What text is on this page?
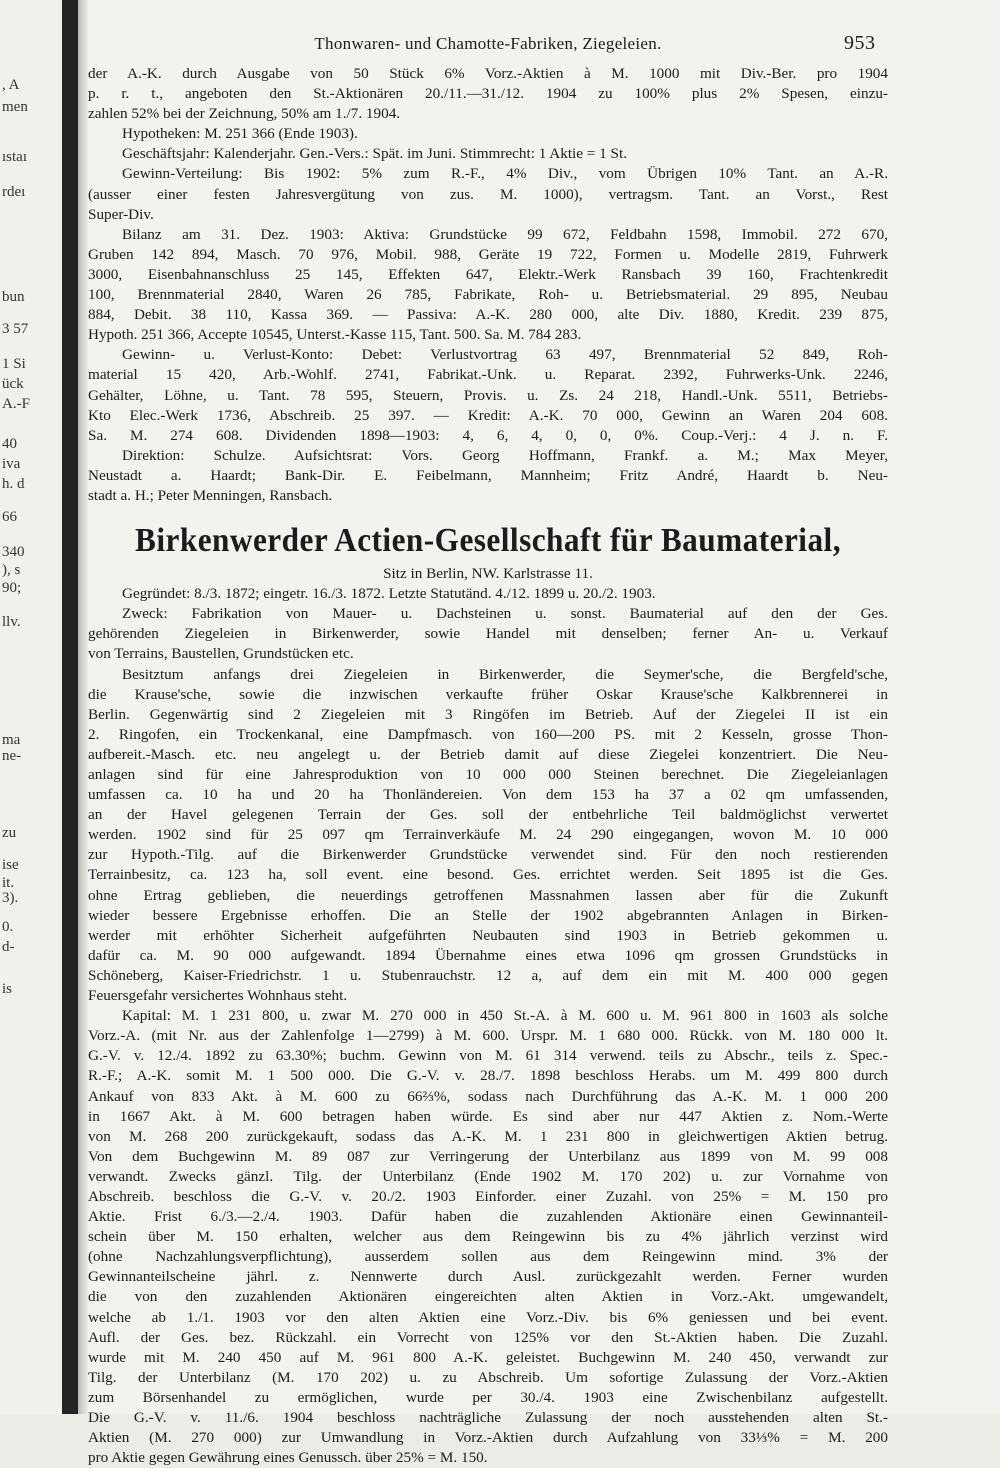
, A
men
ıstaı
rdeı
bun
3 57
1 Si
ück
A.-F
40
iva
h. d
66
340
), s
90;
llv.
ma
ne-
zu
ise
it.
3).
0.
d-
is
Thonwaren- und Chamotte-Fabriken, Ziegeleien.	953
der A.-K. durch Ausgabe von 50 Stück 6% Vorz.-Aktien à M. 1000 mit Div.-Ber. pro 1904
p. r. t., angeboten den St.-Aktionären 20./11.—31./12. 1904 zu 100% plus 2% Spesen, einzu-
zahlen 52% bei der Zeichnung, 50% am 1./7. 1904.
Hypotheken: M. 251 366 (Ende 1903).
Geschäftsjahr: Kalenderjahr. Gen.-Vers.: Spät. im Juni. Stimmrecht: 1 Aktie = 1 St.
Gewinn-Verteilung: Bis 1902: 5% zum R.-F., 4% Div., vom Übrigen 10% Tant. an A.-R.
(ausser einer festen Jahresvergütung von zus. M. 1000), vertragsm. Tant. an Vorst., Rest
Super-Div.
Bilanz am 31. Dez. 1903: Aktiva: Grundstücke 99 672, Feldbahn 1598, Immobil. 272 670,
Gruben 142 894, Masch. 70 976, Mobil. 988, Geräte 19 722, Formen u. Modelle 2819, Fuhrwerk
3000, Eisenbahnanschluss 25 145, Effekten 647, Elektr.-Werk Ransbach 39 160, Frachtenkredit
100, Brennmaterial 2840, Waren 26 785, Fabrikate, Roh- u. Betriebsmaterial. 29 895, Neubau
884, Debit. 38 110, Kassa 369. — Passiva: A.-K. 280 000, alte Div. 1880, Kredit. 239 875,
Hypoth. 251 366, Accepte 10545, Unterst.-Kasse 115, Tant. 500. Sa. M. 784 283.
Gewinn- u. Verlust-Konto: Debet: Verlustvortrag 63 497, Brennmaterial 52 849, Roh-
material 15 420, Arb.-Wohlf. 2741, Fabrikat.-Unk. u. Reparat. 2392, Fuhrwerks-Unk. 2246,
Gehälter, Löhne, u. Tant. 78 595, Steuern, Provis. u. Zs. 24 218, Handl.-Unk. 5511, Betriebs-
Kto Elec.-Werk 1736, Abschreib. 25 397. — Kredit: A.-K. 70 000, Gewinn an Waren 204 608.
Sa. M. 274 608. Dividenden 1898—1903: 4, 6, 4, 0, 0, 0%. Coup.-Verj.: 4 J. n. F.
Direktion: Schulze. Aufsichtsrat: Vors. Georg Hoffmann, Frankf. a. M.; Max Meyer,
Neustadt a. Haardt; Bank-Dir. E. Feibelmann, Mannheim; Fritz André, Haardt b. Neu-
stadt a. H.; Peter Menningen, Ransbach.
Birkenwerder Actien-Gesellschaft für Baumaterial,
Sitz in Berlin, NW. Karlstrasse 11.
Gegründet: 8./3. 1872; eingetr. 16./3. 1872. Letzte Statutänd. 4./12. 1899 u. 20./2. 1903.
Zweck: Fabrikation von Mauer- u. Dachsteinen u. sonst. Baumaterial auf den der Ges.
gehörenden Ziegeleien in Birkenwerder, sowie Handel mit denselben; ferner An- u. Verkauf
von Terrains, Baustellen, Grundstücken etc.
Besitztum anfangs drei Ziegeleien in Birkenwerder, die Seymer'sche, die Bergfeld'sche,
die Krause'sche, sowie die inzwischen verkaufte früher Oskar Krause'sche Kalkbrennerei in
Berlin. Gegenwärtig sind 2 Ziegeleien mit 3 Ringöfen im Betrieb. Auf der Ziegelei II ist ein
2. Ringofen, ein Trockenkanal, eine Dampfmasch. von 160—200 PS. mit 2 Kesseln, grosse Thon-
aufbereit.-Masch. etc. neu angelegt u. der Betrieb damit auf diese Ziegelei konzentriert. Die Neu-
anlagen sind für eine Jahresproduktion von 10 000 000 Steinen berechnet. Die Ziegeleianlagen
umfassen ca. 10 ha und 20 ha Thonländereien. Von dem 153 ha 37 a 02 qm umfassenden,
an der Havel gelegenen Terrain der Ges. soll der entbehrliche Teil baldmöglichst verwertet
werden. 1902 sind für 25 097 qm Terrainverkäufe M. 24 290 eingegangen, wovon M. 10 000
zur Hypoth.-Tilg. auf die Birkenwerder Grundstücke verwendet sind. Für den noch restierenden
Terrainbesitz, ca. 123 ha, soll event. eine besond. Ges. errichtet werden. Seit 1895 ist die Ges.
ohne Ertrag geblieben, die neuerdings getroffenen Massnahmen lassen aber für die Zukunft
wieder bessere Ergebnisse erhoffen. Die an Stelle der 1902 abgebrannten Anlagen in Birken-
werder mit erhöhter Sicherheit aufgeführten Neubauten sind 1903 in Betrieb gekommen u.
dafür ca. M. 90 000 aufgewandt. 1894 Übernahme eines etwa 1096 qm grossen Grundstücks in
Schöneberg, Kaiser-Friedrichstr. 1 u. Stubenrauchstr. 12 a, auf dem ein mit M. 400 000 gegen
Feuersgefahr versichertes Wohnhaus steht.
Kapital: M. 1 231 800, u. zwar M. 270 000 in 450 St.-A. à M. 600 u. M. 961 800 in 1603 als solche
Vorz.-A. (mit Nr. aus der Zahlenfolge 1—2799) à M. 600. Urspr. M. 1 680 000. Rückk. von M. 180 000 lt.
G.-V. v. 12./4. 1892 zu 63.30%; buchm. Gewinn von M. 61 314 verwend. teils zu Abschr., teils z. Spec.-
R.-F.; A.-K. somit M. 1 500 000. Die G.-V. v. 28./7. 1898 beschloss Herabs. um M. 499 800 durch
Ankauf von 833 Akt. à M. 600 zu 66⅔%, sodass nach Durchführung das A.-K. M. 1 000 200
in 1667 Akt. à M. 600 betragen haben würde. Es sind aber nur 447 Aktien z. Nom.-Werte
von M. 268 200 zurückgekauft, sodass das A.-K. M. 1 231 800 in gleichwertigen Aktien betrug.
Von dem Buchgewinn M. 89 087 zur Verringerung der Unterbilanz aus 1899 von M. 99 008
verwandt. Zwecks gänzl. Tilg. der Unterbilanz (Ende 1902 M. 170 202) u. zur Vornahme von
Abschreib. beschloss die G.-V. v. 20./2. 1903 Einforder. einer Zuzahl. von 25% = M. 150 pro
Aktie. Frist 6./3.—2./4. 1903. Dafür haben die zuzahlenden Aktionäre einen Gewinnanteil-
schein über M. 150 erhalten, welcher aus dem Reingewinn bis zu 4% jährlich verzinst wird
(ohne Nachzahlungsverpflichtung), ausserdem sollen aus dem Reingewinn mind. 3% der
Gewinnanteilscheine jährl. z. Nennwerte durch Ausl. zurückgezahlt werden. Ferner wurden
die von den zuzahlenden Aktionären eingereichten alten Aktien in Vorz.-Akt. umgewandelt,
welche ab 1./1. 1903 vor den alten Aktien eine Vorz.-Div. bis 6% geniessen und bei event.
Aufl. der Ges. bez. Rückzahl. ein Vorrecht von 125% vor den St.-Aktien haben. Die Zuzahl.
wurde mit M. 240 450 auf M. 961 800 A.-K. geleistet. Buchgewinn M. 240 450, verwandt zur
Tilg. der Unterbilanz (M. 170 202) u. zu Abschreib. Um sofortige Zulassung der Vorz.-Aktien
zum Börsenhandel zu ermöglichen, wurde per 30./4. 1903 eine Zwischenbilanz aufgestellt.
Die G.-V. v. 11./6. 1904 beschloss nachträgliche Zulassung der noch ausstehenden alten St.-
Aktien (M. 270 000) zur Umwandlung in Vorz.-Aktien durch Aufzahlung von 33⅓% = M. 200
pro Aktie gegen Gewährung eines Genussch. über 25% = M. 150.
